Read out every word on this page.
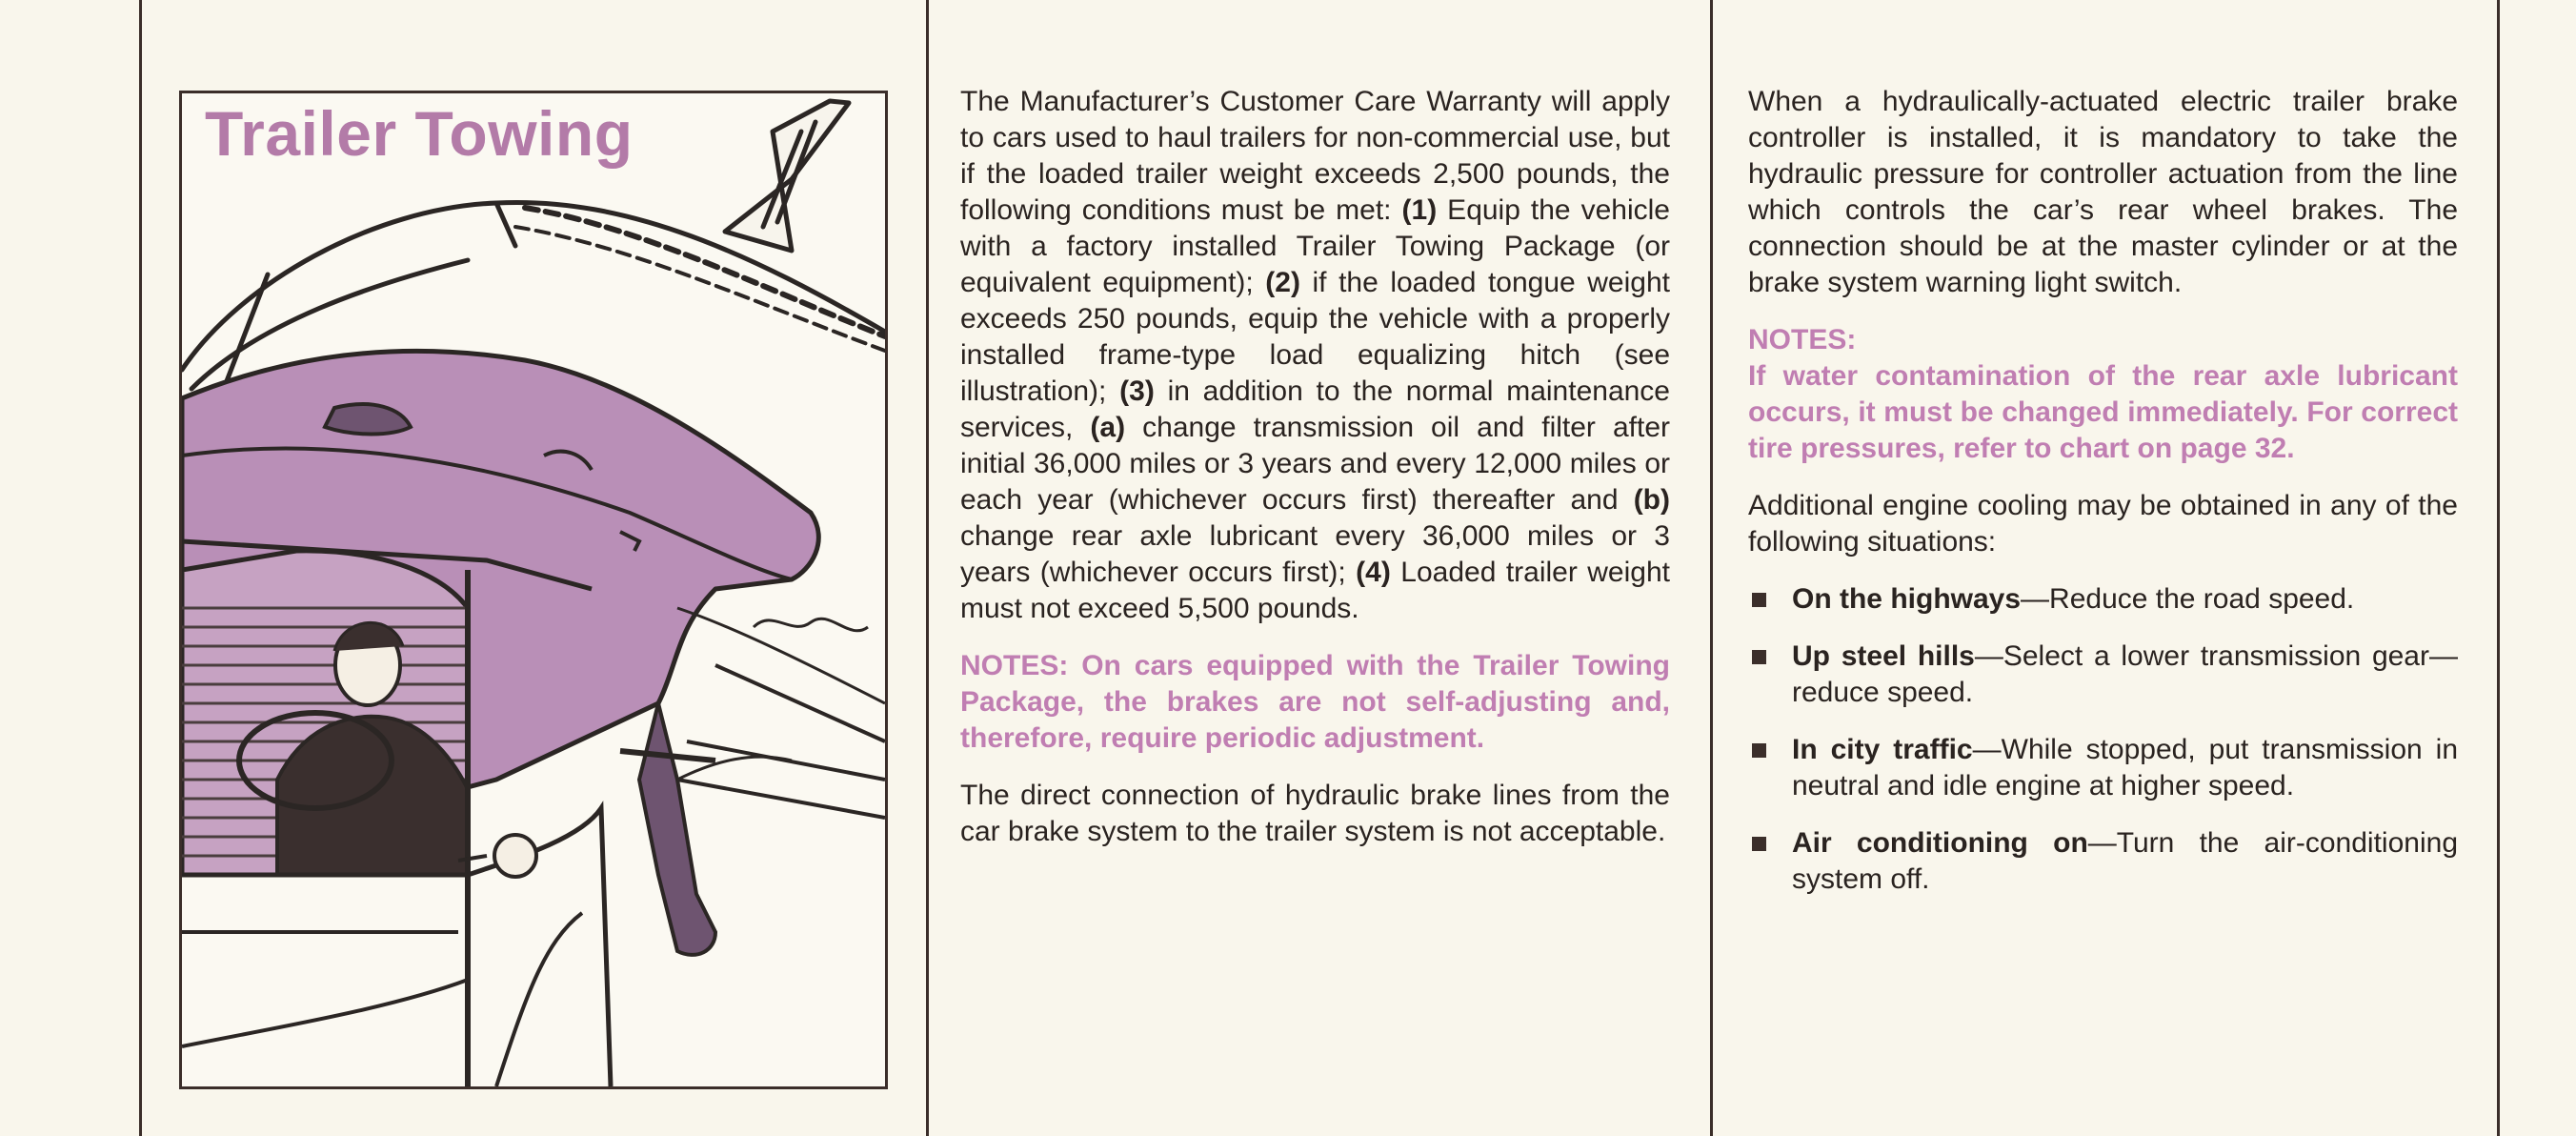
Trailer Towing	The Manufacturer’s Customer Care Warranty will apply to cars used to haul trailers for non-commercial use, but if the loaded trailer weight exceeds 2,500 pounds, the following conditions must be met: (1) Equip the vehicle with a factory installed Trailer Towing Package (or equivalent equipment); (2) if the loaded tongue weight exceeds 250 pounds, equip the vehicle with a properly installed frame-type load equalizing hitch (see illustration); (3) in addition to the normal maintenance services, (a) change transmission oil and filter after initial 36,000 miles or 3 years and every 12,000 miles or each year (whichever occurs first) thereafter and (b) change rear axle lubricant every 36,000 miles or 3 years (whichever occurs first); (4) Loaded trailer weight must not exceed 5,500 pounds.

NOTES: On cars equipped with the Trailer Towing Package, the brakes are not self-adjusting and, therefore, require periodic adjustment.

The direct connection of hydraulic brake lines from the car brake system to the trailer system is not acceptable.

When a hydraulically-actuated electric trailer brake controller is installed, it is mandatory to take the hydraulic pressure for controller actuation from the line which controls the car’s rear wheel brakes. The connection should be at the master cylinder or at the brake system warning light switch.

NOTES:

If water contamination of the rear axle lubricant occurs, it must be changed immediately. For correct tire pressures, refer to chart on page 32.

Additional engine cooling may be obtained in any of the following situations:

On the highways—Reduce the road speed.
Up steel hills—Select a lower transmission gear—reduce speed.
In city traffic—While stopped, put transmission in neutral and idle engine at higher speed.
Air conditioning on—Turn the air-conditioning system off.
